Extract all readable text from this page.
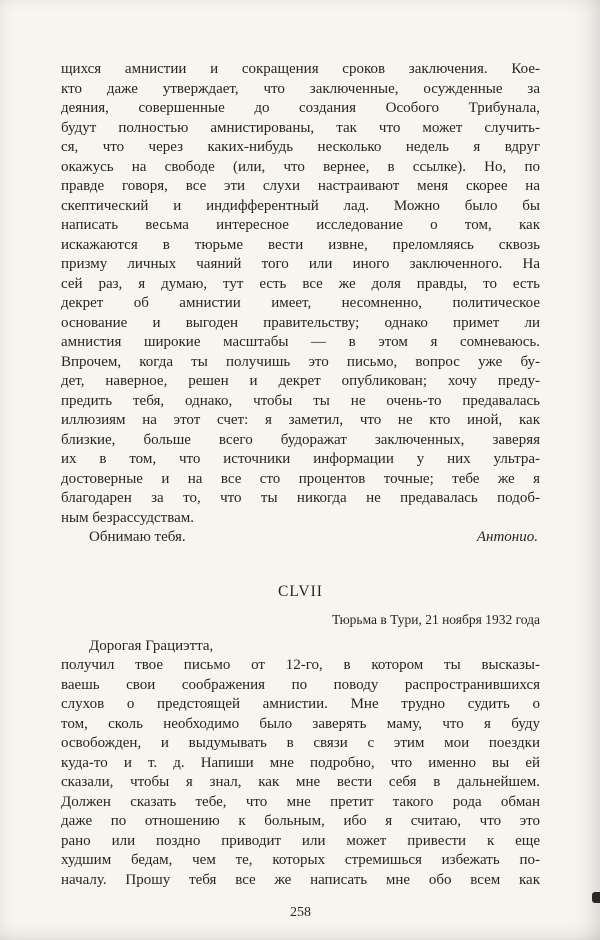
щихся амнистии и сокращения сроков заключения. Кое-
кто даже утверждает, что заключенные, осужденные за
деяния, совершенные до создания Особого Трибунала,
будут полностью амнистированы, так что может случить-
ся, что через каких-нибудь несколько недель я вдруг
окажусь на свободе (или, что вернее, в ссылке). Но, по
правде говоря, все эти слухи настраивают меня скорее на
скептический и индифферентный лад. Можно было бы
написать весьма интересное исследование о том, как
искажаются в тюрьме вести извне, преломляясь сквозь
призму личных чаяний того или иного заключенного. На
сей раз, я думаю, тут есть все же доля правды, то есть
декрет об амнистии имеет, несомненно, политическое
основание и выгоден правительству; однако примет ли
амнистия широкие масштабы — в этом я сомневаюсь.
Впрочем, когда ты получишь это письмо, вопрос уже бу-
дет, наверное, решен и декрет опубликован; хочу преду-
предить тебя, однако, чтобы ты не очень-то предавалась
иллюзиям на этот счет: я заметил, что не кто иной, как
близкие, больше всего будоражат заключенных, заверяя
их в том, что источники информации у них ультра-
достоверные и на все сто процентов точные; тебе же я
благодарен за то, что ты никогда не предавалась подоб-
ным безрассудствам.
Обнимаю тебя.	Антонио.
CLVII
Тюрьма в Тури, 21 ноября 1932 года
Дорогая Грациэтта,
получил твое письмо от 12-го, в котором ты высказы-
ваешь свои соображения по поводу распространившихся
слухов о предстоящей амнистии. Мне трудно судить о
том, сколь необходимо было заверять маму, что я буду
освобожден, и выдумывать в связи с этим мои поездки
куда-то и т. д. Напиши мне подробно, что именно вы ей
сказали, чтобы я знал, как мне вести себя в дальнейшем.
Должен сказать тебе, что мне претит такого рода обман
даже по отношению к больным, ибо я считаю, что это
рано или поздно приводит или может привести к еще
худшим бедам, чем те, которых стремишься избежать по-
началу. Прошу тебя все же написать мне обо всем как
258
